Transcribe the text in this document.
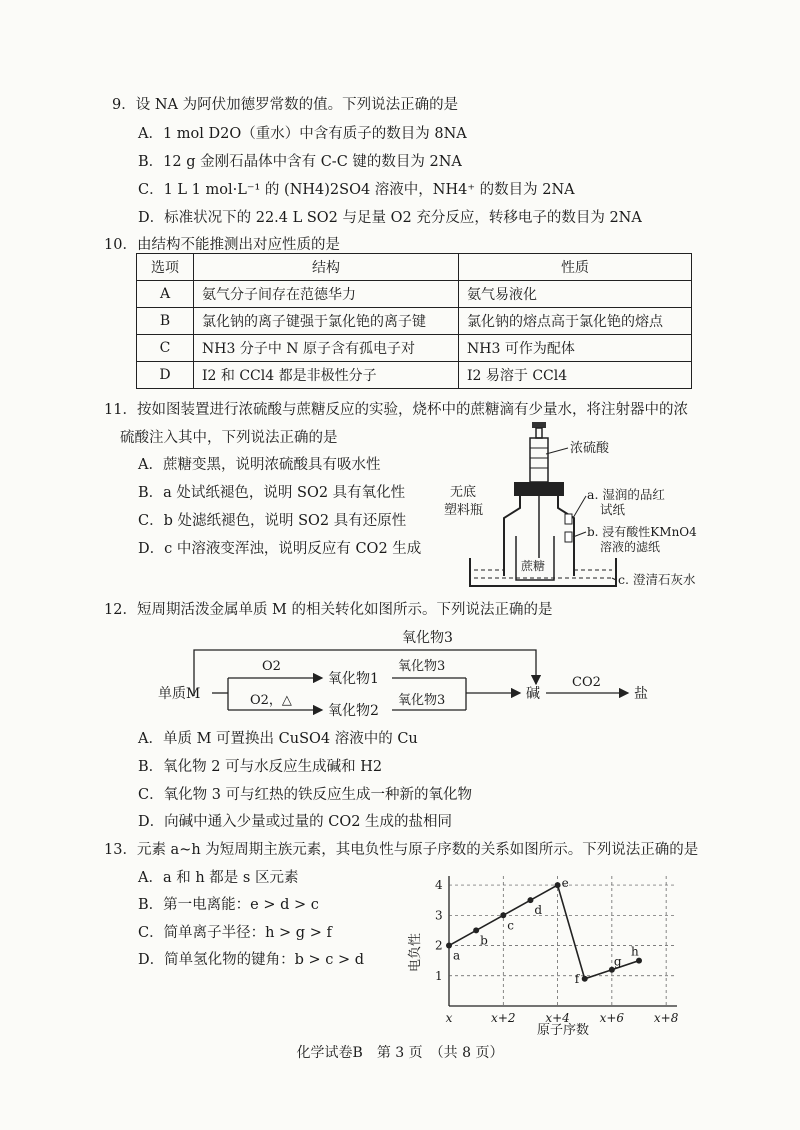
9．设 NA 为阿伏加德罗常数的值。下列说法正确的是
A．1 mol D2O（重水）中含有质子的数目为 8NA
B．12 g 金刚石晶体中含有 C-C 键的数目为 2NA
C．1 L 1 mol·L⁻¹ 的 (NH4)2SO4 溶液中，NH4⁺ 的数目为 2NA
D．标准状况下的 22.4 L SO2 与足量 O2 充分反应，转移电子的数目为 2NA
10．由结构不能推测出对应性质的是
选项	结构	性质
A	氨气分子间存在范德华力	氨气易液化
B	氯化钠的离子键强于氯化铯的离子键	氯化钠的熔点高于氯化铯的熔点
C	NH3 分子中 N 原子含有孤电子对	NH3 可作为配体
D	I2 和 CCl4 都是非极性分子	I2 易溶于 CCl4
11．按如图装置进行浓硫酸与蔗糖反应的实验，烧杯中的蔗糖滴有少量水，将注射器中的浓
硫酸注入其中，下列说法正确的是
A．蔗糖变黑，说明浓硫酸具有吸水性
B．a 处试纸褪色，说明 SO2 具有氧化性
C．b 处滤纸褪色，说明 SO2 具有还原性
D．c 中溶液变浑浊，说明反应有 CO2 生成
浓硫酸
蔗糖
无底
塑料瓶
a. 湿润的品红
试纸
b. 浸有酸性KMnO4
溶液的滤纸
c. 澄清石灰水
12．短周期活泼金属单质 M 的相关转化如图所示。下列说法正确的是
氧化物3
单质M
O2
O2，△
氧化物1
氧化物2
氧化物3
氧化物3	碱
CO2
盐
A．单质 M 可置换出 CuSO4 溶液中的 Cu
B．氧化物 2 可与水反应生成碱和 H2
C．氧化物 3 可与红热的铁反应生成一种新的氧化物
D．向碱中通入少量或过量的 CO2 生成的盐相同
13．元素 a~h 为短周期主族元素，其电负性与原子序数的关系如图所示。下列说法正确的是
A．a 和 h 都是 s 区元素
B．第一电离能：e > d > c
C．简单离子半径：h > g > f
D．简单氢化物的键角：b > c > d
1
2
3
4
x	x+2 x+4 x+6 x+8
a
b
c
d
e
f
g
h
电负性
原子序数
化学试卷B　第 3 页　（共 8 页）
